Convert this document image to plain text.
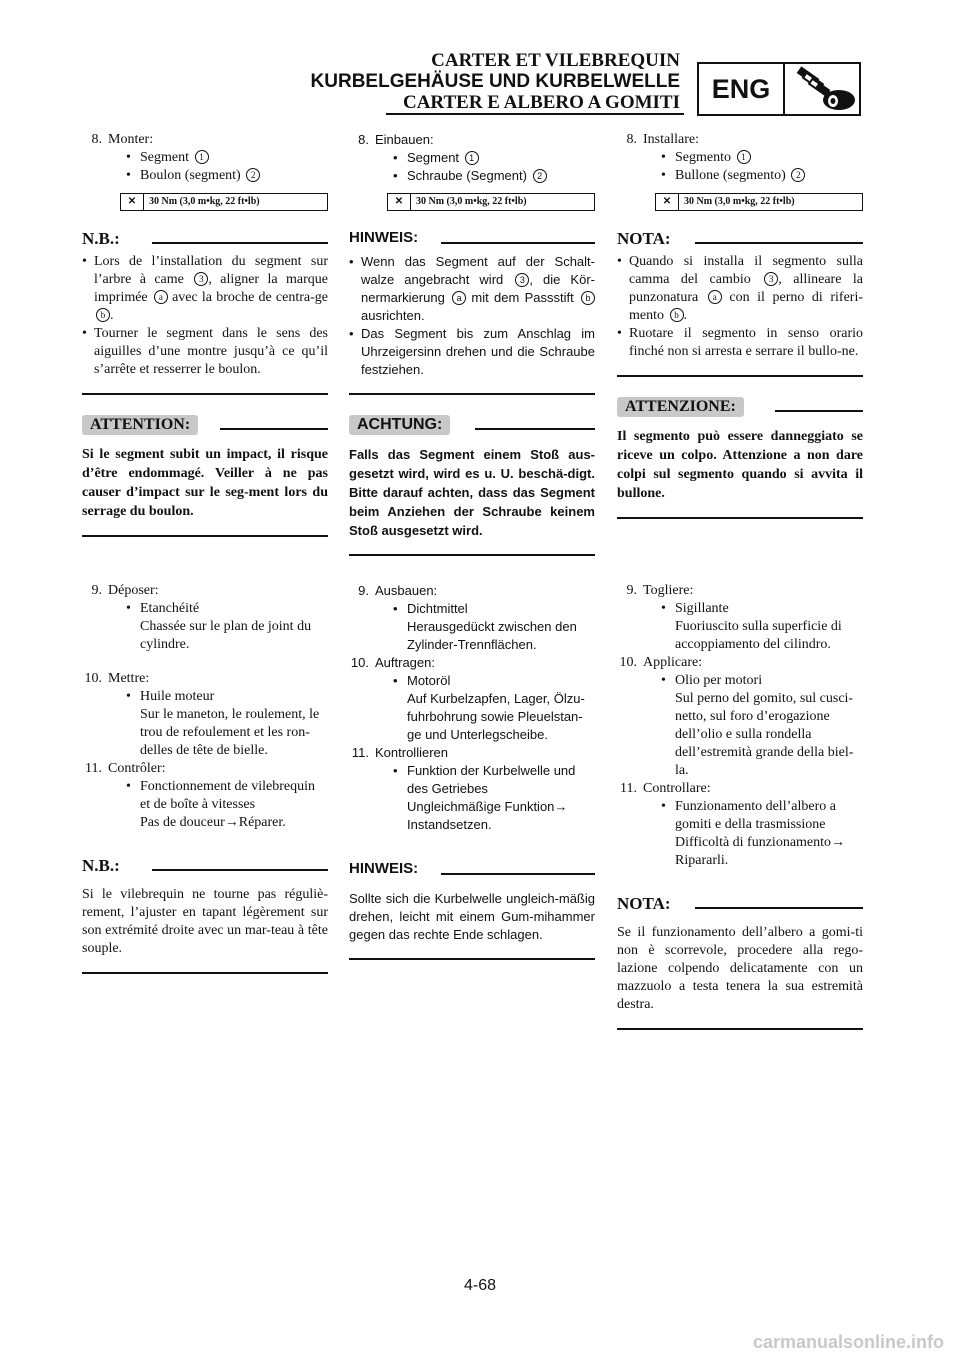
CARTER ET VILEBREQUIN
KURBELGEHÄUSE UND KURBELWELLE
CARTER E ALBERO A GOMITI	ENG
8. Monter:
• Segment 1
• Boulon (segment) 2
✕	30 Nm (3,0 m•kg, 22 ft•lb)
N.B.:
• Lors de l’installation du segment sur l’arbre à came 3 , aligner la marque imprimée a avec la broche de centra-ge b .
• Tourner le segment dans le sens des aiguilles d’une montre jusqu’à ce qu’il s’arrête et resserrer le boulon.
ATTENTION:
Si le segment subit un impact, il risque d’être endommagé. Veiller à ne pas causer d’impact sur le seg-ment lors du serrage du boulon.
8. Einbauen:
• Segment 1
• Schraube (Segment) 2
✕	30 Nm (3,0 m•kg, 22 ft•lb)
HINWEIS:
• Wenn das Segment auf der Schalt-walze angebracht wird 3 , die Kör-nermarkierung a mit dem Passstift b ausrichten.
• Das Segment bis zum Anschlag im Uhrzeigersinn drehen und die Schraube festziehen.
ACHTUNG:
Falls das Segment einem Stoß aus-gesetzt wird, wird es u. U. beschä-digt. Bitte darauf achten, dass das Segment beim Anziehen der Schraube keinem Stoß ausgesetzt wird.
8. Installare:
• Segmento 1
• Bullone (segmento) 2
✕	30 Nm (3,0 m•kg, 22 ft•lb)
NOTA:
• Quando si installa il segmento sulla camma del cambio 3 , allineare la punzonatura a con il perno di riferi-mento b .
• Ruotare il segmento in senso orario finché non si arresta e serrare il bullo-ne.
ATTENZIONE:
Il segmento può essere danneggiato se riceve un colpo. Attenzione a non dare colpi sul segmento quando si avvita il bullone.
9. Déposer:
• Etanchéité
Chassée sur le plan de joint du cylindre.
10. Mettre:
• Huile moteur
Sur le maneton, le roulement, le trou de refoulement et les ron-delles de tête de bielle.
11. Contrôler:
• Fonctionnement de vilebrequin et de boîte à vitesses
Pas de douceur→Réparer.
N.B.:
Si le vilebrequin ne tourne pas réguliè-rement, l’ajuster en tapant légèrement sur son extrémité droite avec un mar-teau à tête souple.
9. Ausbauen:
• Dichtmittel
Herausgedückt zwischen den Zylinder-Trennflächen.
10. Auftragen:
• Motoröl
Auf Kurbelzapfen, Lager, Ölzu-fuhrbohrung sowie Pleuelstan-ge und Unterlegscheibe.
11. Kontrollieren
• Funktion der Kurbelwelle und des Getriebes
Ungleichmäßige Funktion→ Instandsetzen.
HINWEIS:
Sollte sich die Kurbelwelle ungleich-mäßig drehen, leicht mit einem Gum-mihammer gegen das rechte Ende schlagen.
9. Togliere:
• Sigillante
Fuoriuscito sulla superficie di accoppiamento del cilindro.
10. Applicare:
• Olio per motori
Sul perno del gomito, sul cusci-netto, sul foro d’erogazione dell’olio e sulla rondella dell’estremità grande della biel-la.
11. Controllare:
• Funzionamento dell’albero a gomiti e della trasmissione
Difficoltà di funzionamento→ Ripararli.
NOTA:
Se il funzionamento dell’albero a gomi-ti non è scorrevole, procedere alla rego-lazione colpendo delicatamente con un mazzuolo a testa tenera la sua estremità destra.
4-68
carmanualsonline.info
